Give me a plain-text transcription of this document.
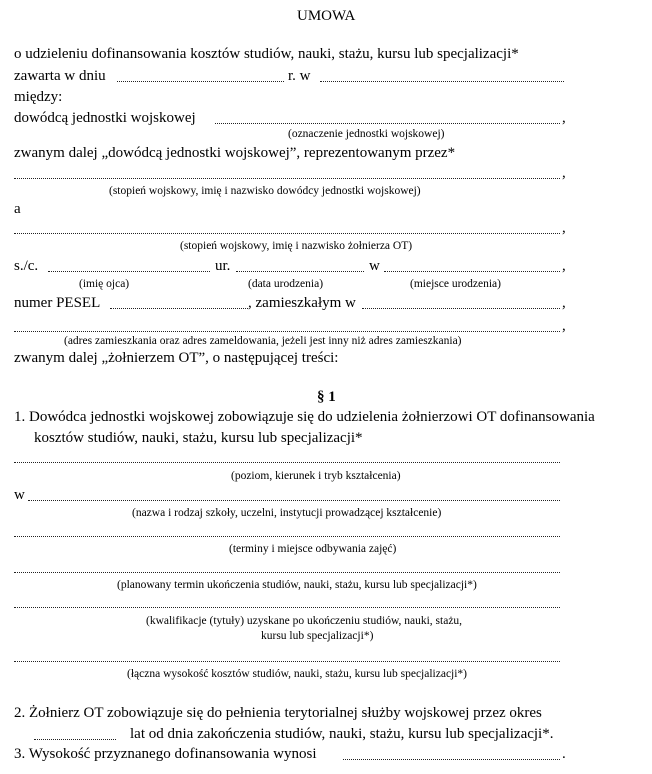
UMOWA
o udzieleniu dofinansowania kosztów studiów, nauki, stażu, kursu lub specjalizacji*
zawarta w dniu	r. w
między:
dowódcą jednostki wojskowej	,
(oznaczenie jednostki wojskowej)
zwanym dalej „dowódcą jednostki wojskowej”, reprezentowanym przez*
,
(stopień wojskowy, imię i nazwisko dowódcy jednostki wojskowej)
a
,
(stopień wojskowy, imię i nazwisko żołnierza OT)
s./c.	ur.	w	,
(imię ojca)	(data urodzenia)	(miejsce urodzenia)
numer PESEL	, zamieszkałym w	,
,
(adres zamieszkania oraz adres zameldowania, jeżeli jest inny niż adres zamieszkania)
zwanym dalej „żołnierzem OT”, o następującej treści:
§ 1
1. Dowódca jednostki wojskowej zobowiązuje się do udzielenia żołnierzowi OT dofinansowania
kosztów studiów, nauki, stażu, kursu lub specjalizacji*
(poziom, kierunek i tryb kształcenia)
w
(nazwa i rodzaj szkoły, uczelni, instytucji prowadzącej kształcenie)
(terminy i miejsce odbywania zajęć)
(planowany termin ukończenia studiów, nauki, stażu, kursu lub specjalizacji*)
(kwalifikacje (tytuły) uzyskane po ukończeniu studiów, nauki, stażu,
kursu lub specjalizacji*)
(łączna wysokość kosztów studiów, nauki, stażu, kursu lub specjalizacji*)
2. Żołnierz OT zobowiązuje się do pełnienia terytorialnej służby wojskowej przez okres
lat od dnia zakończenia studiów, nauki, stażu, kursu lub specjalizacji*.
3. Wysokość przyznanego dofinansowania wynosi	.
